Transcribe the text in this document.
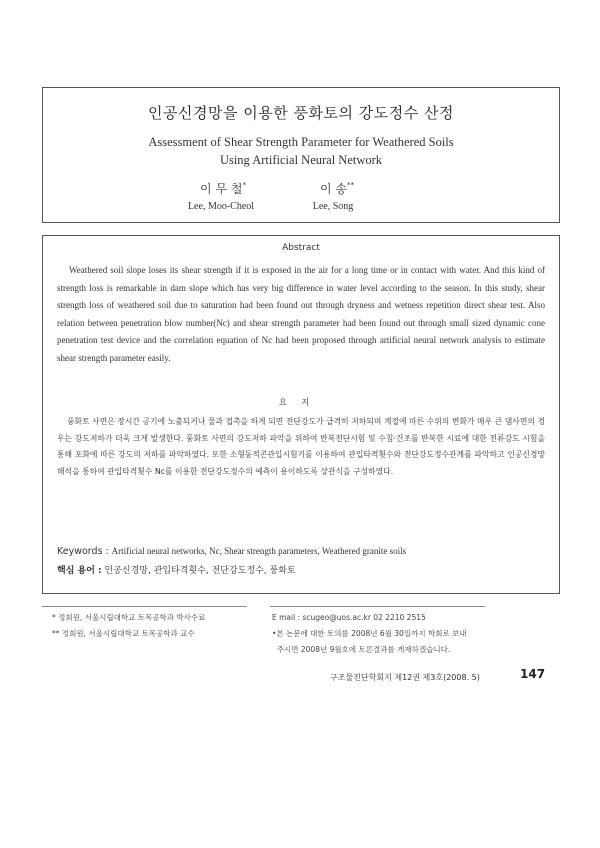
인공신경망을 이용한 풍화토의 강도정수 산정
Assessment of Shear Strength Parameter for Weathered Soils
Using Artificial Neural Network
이 무 철*	이 송**
Lee, Moo-Cheol	Lee, Song
Abstract
Weathered soil slope loses its shear strength if it is exposed in the air for a long time or in contact with water. And this kind of strength loss is remarkable in dam slope which has very big difference in water level according to the season. In this study, shear strength loss of weathered soil due to saturation had been found out through dryness and wetness repetition direct shear test. Also relation between penetration blow number(Nc) and shear strength parameter had been found out through small sized dynamic cone penetration test device and the correlation equation of Nc had been proposed through artificial neural network analysis to estimate shear strength parameter easily.
요지
풍화토 사면은 장시간 공기에 노출되거나 물과 접촉을 하게 되면 전단강도가 급격히 저하되며 계절에 따른 수위의 변화가 매우 큰 댐사면의 경우는 강도저하가 더욱 크게 발생한다. 풍화토 사면의 강도저하 파악을 위하여 반복전단시험 및 수침·건조를 반복한 시료에 대한 전류강도 시험을 통해 포화에 따른 강도의 저하를 파악하였다. 또한 소형동적콘관입시험기를 이용하여 관입타격횟수와 전단강도정수관계를 파악하고 인공신경망 해석을 통하여 관입타격횟수 Nc를 이용한 전단강도정수의 예측이 용이하도록 상관식을 구성하였다.
Keywords : Artificial neural networks, Nc, Shear strength parameters, Weathered granite soils
핵심 용어 : 인공신경망, 관입타격횟수, 전단강도정수, 풍화토
* 정회원, 서울시립대학교 토목공학과 박사수료
** 정회원, 서울시립대학교 토목공학과 교수
E mail : scugeo@uos.ac.kr 02 2210 2515
•본 논문에 대한 토의를 2008년 6월 30일까지 학회로 보내
주시면 2008년 9월호에 토론결과를 게재하겠습니다.
구조물진단학회지 제12권 제3호(2008. 5)	147
